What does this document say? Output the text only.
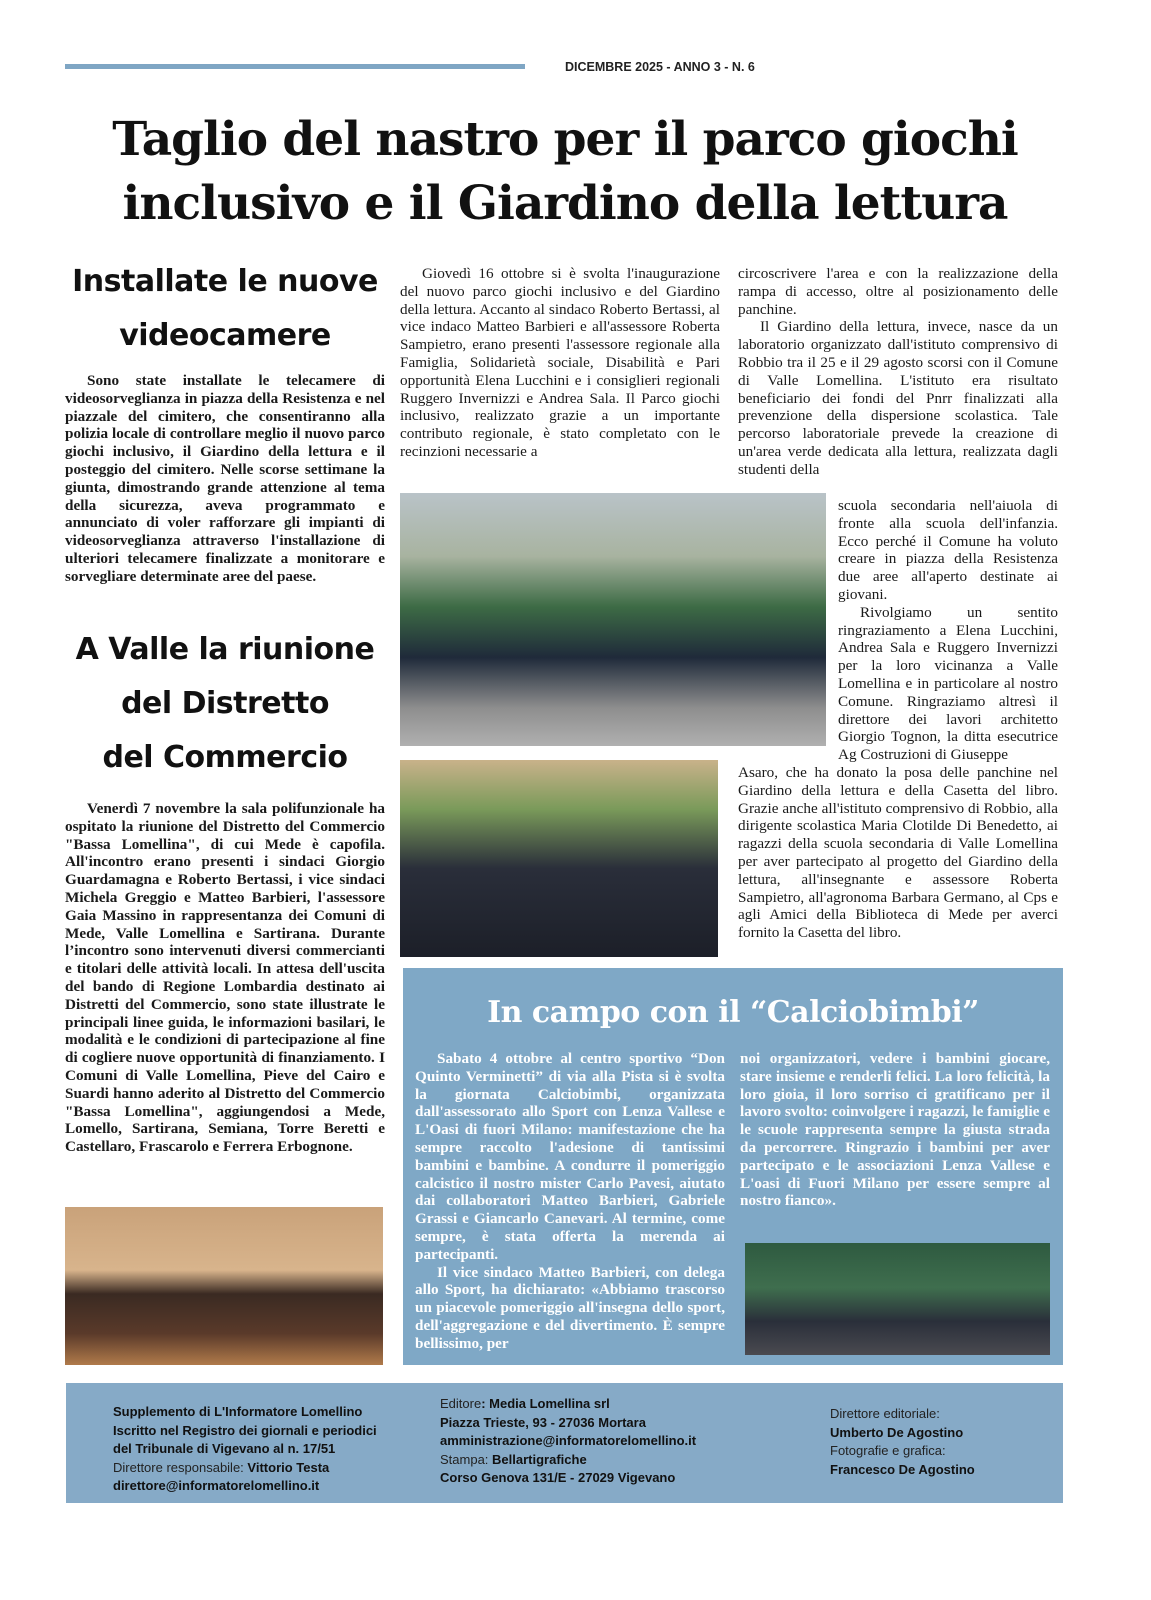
DICEMBRE 2025 - ANNO 3 - N. 6
Taglio del nastro per il parco giochi
inclusivo e il Giardino della lettura
Installate le nuove
videocamere

Sono state installate le telecamere di videosorveglianza in piazza della Resistenza e nel piazzale del cimitero, che consentiranno alla polizia locale di controllare meglio il nuovo parco giochi inclusivo, il Giardino della lettura e il posteggio del cimitero. Nelle scorse settimane la giunta, dimostrando grande attenzione al tema della sicurezza, aveva programmato e annunciato di voler rafforzare gli impianti di videosorveglianza attraverso l'installazione di ulteriori telecamere finalizzate a monitorare e sorvegliare determinate aree del paese.

A Valle la riunione
del Distretto
del Commercio

Venerdì 7 novembre la sala polifunzionale ha ospitato la riunione del Distretto del Commercio "Bassa Lomellina", di cui Mede è capofila. All'incontro erano presenti i sindaci Giorgio Guardamagna e Roberto Bertassi, i vice sindaci Michela Greggio e Matteo Barbieri, l'assessore Gaia Massino in rappresentanza dei Comuni di Mede, Valle Lomellina e Sartirana. Durante l’incontro sono intervenuti diversi commercianti e titolari delle attività locali. In attesa dell'uscita del bando di Regione Lombardia destinato ai Distretti del Commercio, sono state illustrate le principali linee guida, le informazioni basilari, le modalità e le condizioni di partecipazione al fine di cogliere nuove opportunità di finanziamento. I Comuni di Valle Lomellina, Pieve del Cairo e Suardi hanno aderito al Distretto del Commercio "Bassa Lomellina", aggiungendosi a Mede, Lomello, Sartirana, Semiana, Torre Beretti e Castellaro, Frascarolo e Ferrera Erbognone.

Giovedì 16 ottobre si è svolta l'inaugurazione del nuovo parco giochi inclusivo e del Giardino della lettura. Accanto al sindaco Roberto Bertassi, al vice indaco Matteo Barbieri e all'assessore Roberta Sampietro, erano presenti l'assessore regionale alla Famiglia, Solidarietà sociale, Disabilità e Pari opportunità Elena Lucchini e i consiglieri regionali Ruggero Invernizzi e Andrea Sala. Il Parco giochi inclusivo, realizzato grazie a un importante contributo regionale, è stato completato con le recinzioni necessarie a

circoscrivere l'area e con la realizzazione della rampa di accesso, oltre al posizionamento delle panchine.

Il Giardino della lettura, invece, nasce da un laboratorio organizzato dall'istituto comprensivo di Robbio tra il 25 e il 29 agosto scorsi con il Comune di Valle Lomellina. L'istituto era risultato beneficiario dei fondi del Pnrr finalizzati alla prevenzione della dispersione scolastica. Tale percorso laboratoriale prevede la creazione di un'area verde dedicata alla lettura, realizzata dagli studenti della

scuola secondaria nell'aiuola di fronte alla scuola dell'infanzia. Ecco perché il Comune ha voluto creare in piazza della Resistenza due aree all'aperto destinate ai giovani.

Rivolgiamo un sentito ringraziamento a Elena Lucchini, Andrea Sala e Ruggero Invernizzi per la loro vicinanza a Valle Lomellina e in particolare al nostro Comune. Ringraziamo altresì il direttore dei lavori architetto Giorgio Tognon, la ditta esecutrice Ag Costruzioni di Giuseppe

Asaro, che ha donato la posa delle panchine nel Giardino della lettura e della Casetta del libro. Grazie anche all'istituto comprensivo di Robbio, alla dirigente scolastica Maria Clotilde Di Benedetto, ai ragazzi della scuola secondaria di Valle Lomellina per aver partecipato al progetto del Giardino della lettura, all'insegnante e assessore Roberta Sampietro, all'agronoma Barbara Germano, al Cps e agli Amici della Biblioteca di Mede per averci fornito la Casetta del libro.

In campo con il “Calciobimbi”

Sabato 4 ottobre al centro sportivo “Don Quinto Verminetti” di via alla Pista si è svolta la giornata Calciobimbi, organizzata dall'assessorato allo Sport con Lenza Vallese e L'Oasi di fuori Milano: manifestazione che ha sempre raccolto l'adesione di tantissimi bambini e bambine. A condurre il pomeriggio calcistico il nostro mister Carlo Pavesi, aiutato dai collaboratori Matteo Barbieri, Gabriele Grassi e Giancarlo Canevari. Al termine, come sempre, è stata offerta la merenda ai partecipanti.

Il vice sindaco Matteo Barbieri, con delega allo Sport, ha dichiarato: «Abbiamo trascorso un piacevole pomeriggio all'insegna dello sport, dell'aggregazione e del divertimento. È sempre bellissimo, per

noi organizzatori, vedere i bambini giocare, stare insieme e renderli felici. La loro felicità, la loro gioia, il loro sorriso ci gratificano per il lavoro svolto: coinvolgere i ragazzi, le famiglie e le scuole rappresenta sempre la giusta strada da percorrere. Ringrazio i bambini per aver partecipato e le associazioni Lenza Vallese e L'oasi di Fuori Milano per essere sempre al nostro fianco».

Supplemento di L'Informatore Lomellino
Iscritto nel Registro dei giornali e periodici
del Tribunale di Vigevano al n. 17/51
Direttore responsabile: Vittorio Testa
direttore@informatorelomellino.it
Editore: Media Lomellina srl
Piazza Trieste, 93 - 27036 Mortara
amministrazione@informatorelomellino.it
Stampa: Bellartigrafiche
Corso Genova 131/E - 27029 Vigevano
Direttore editoriale:
Umberto De Agostino
Fotografie e grafica:
Francesco De Agostino
